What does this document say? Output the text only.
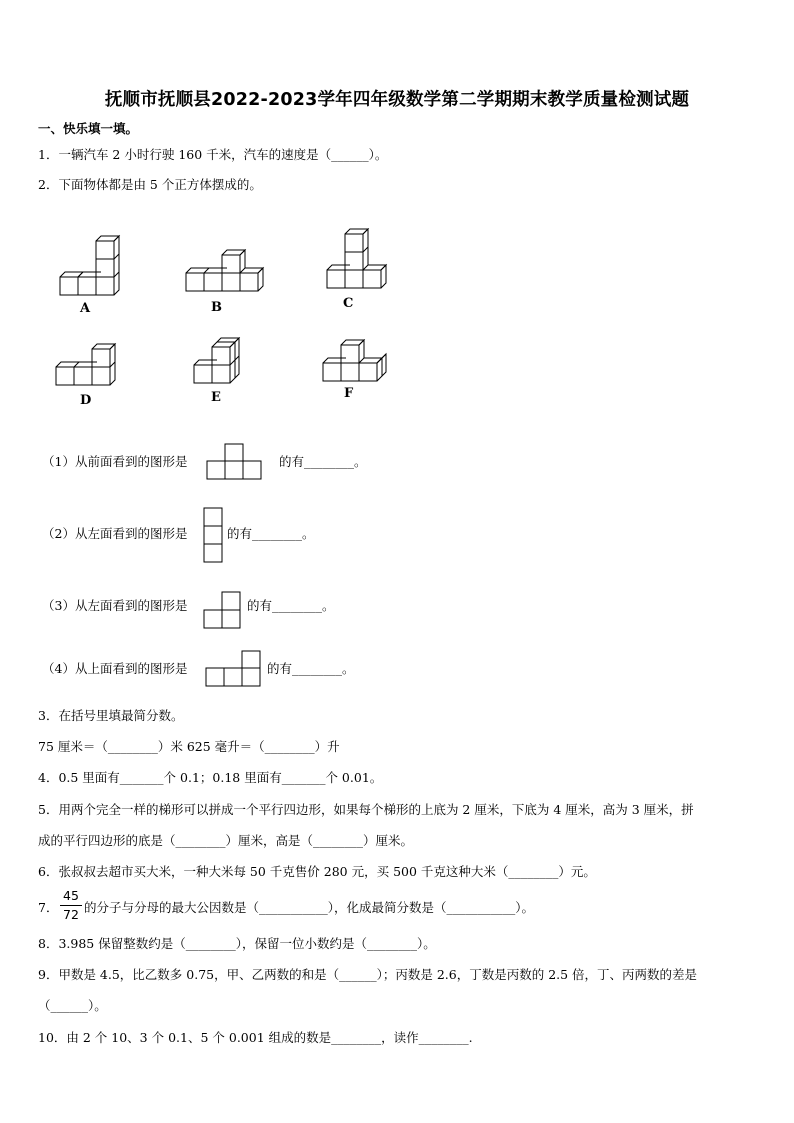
抚顺市抚顺县2022-2023学年四年级数学第二学期期末教学质量检测试题
一、快乐填一填。
1．一辆汽车 2 小时行驶 160 千米，汽车的速度是（______）。
2．下面物体都是由 5 个正方体摆成的。
A	B	C
D	E	F
（1）从前面看到的图形是	的有________。
（2）从左面看到的图形是	的有________。
（3）从左面看到的图形是	的有________。
（4）从上面看到的图形是	的有________。
3．在括号里填最简分数。
75 厘米＝（________）米 625 毫升＝（________）升
4．0.5 里面有_______个 0.1；0.18 里面有_______个 0.01。
5．用两个完全一样的梯形可以拼成一个平行四边形，如果每个梯形的上底为 2 厘米，下底为 4 厘米，高为 3 厘米，拼
成的平行四边形的底是（________）厘米，高是（________）厘米。
6．张叔叔去超市买大米，一种大米每 50 千克售价 280 元，买 500 千克这种大米（________）元。
7．
45
72 的分子与分母的最大公因数是（___________），化成最简分数是（___________）。
8．3.985 保留整数约是（________），保留一位小数约是（________）。
9．甲数是 4.5，比乙数多 0.75，甲、乙两数的和是（______）；丙数是 2.6，丁数是丙数的 2.5 倍，丁、丙两数的差是
（______）。
10．由 2 个 10、3 个 0.1、5 个 0.001 组成的数是________，读作________.
